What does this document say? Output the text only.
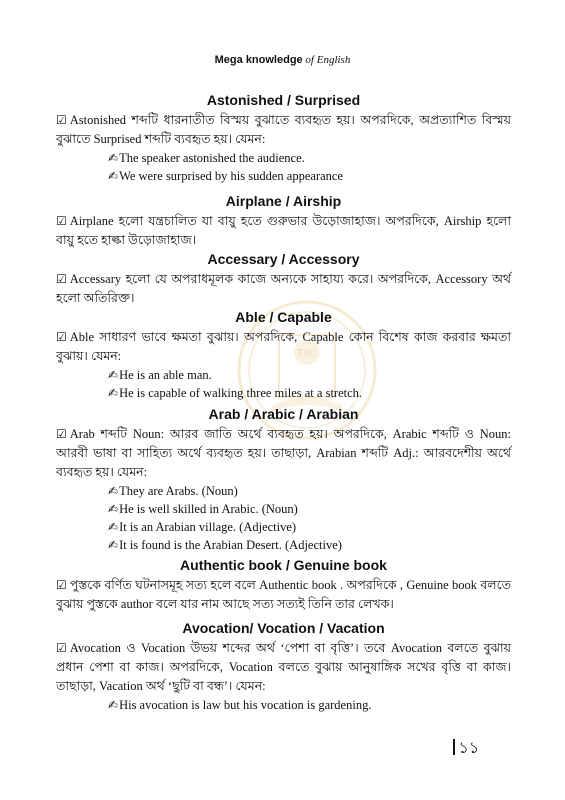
TBC
Mega knowledge of English
Astonished / Surprised

☑ Astonished শব্দটি ধারনাতীত বিস্ময় বুঝাতে ব্যবহৃত হয়। অপরদিকে, অপ্রত্যাশিত বিস্ময় বুঝাতে Surprised শব্দটি ব্যবহৃত হয়। যেমন:

✍The speaker astonished the audience.

✍We were surprised by his sudden appearance

Airplane / Airship

☑ Airplane হলো যন্ত্রচালিত যা বায়ু হতে গুরুভার উড়োজাহাজ। অপরদিকে, Airship হলো বায়ু হতে হাল্কা উড়োজাহাজ।

Accessary / Accessory

☑ Accessary হলো যে অপরাধমূলক কাজে অন্যকে সাহায্য করে। অপরদিকে, Accessory অর্থ হলো অতিরিক্ত।

Able / Capable

☑ Able সাধারণ ভাবে ক্ষমতা বুঝায়। অপরদিকে, Capable কোন বিশেষ কাজ করবার ক্ষমতা বুঝায়। যেমন:

✍He is an able man.

✍He is capable of walking three miles at a stretch.

Arab / Arabic / Arabian

☑ Arab শব্দটি Noun: আরব জাতি অর্থে ব্যবহৃত হয়। অপরদিকে, Arabic শব্দটি ও Noun: আরবী ভাষা বা সাহিত্য অর্থে ব্যবহৃত হয়। তাছাড়া, Arabian শব্দটি Adj.: আরবদেশীয় অর্থে ব্যবহৃত হয়। যেমন:

✍They are Arabs. (Noun)

✍He is well skilled in Arabic. (Noun)

✍It is an Arabian village. (Adjective)

✍It is found is the Arabian Desert. (Adjective)

Authentic book / Genuine book

☑ পুস্তকে বর্ণিত ঘটনাসমূহ সত্য হলে বলে Authentic book . অপরদিকে , Genuine book বলতে বুঝায় পুস্তকে author বলে যার নাম আছে সত্য সত্যই তিনি তার লেখক।

Avocation/ Vocation / Vacation

☑ Avocation ও Vocation উভয় শব্দের অর্থ ‘পেশা বা বৃত্তি’। তবে Avocation বলতে বুঝায় প্রধান পেশা বা কাজ। অপরদিকে, Vocation বলতে বুঝায় আনুষাঙ্গিক সখের বৃত্তি বা কাজ। তাছাড়া, Vacation অর্থ ‘ছুটি বা বন্ধ’। যেমন:

✍His avocation is law but his vocation is gardening.

১১
